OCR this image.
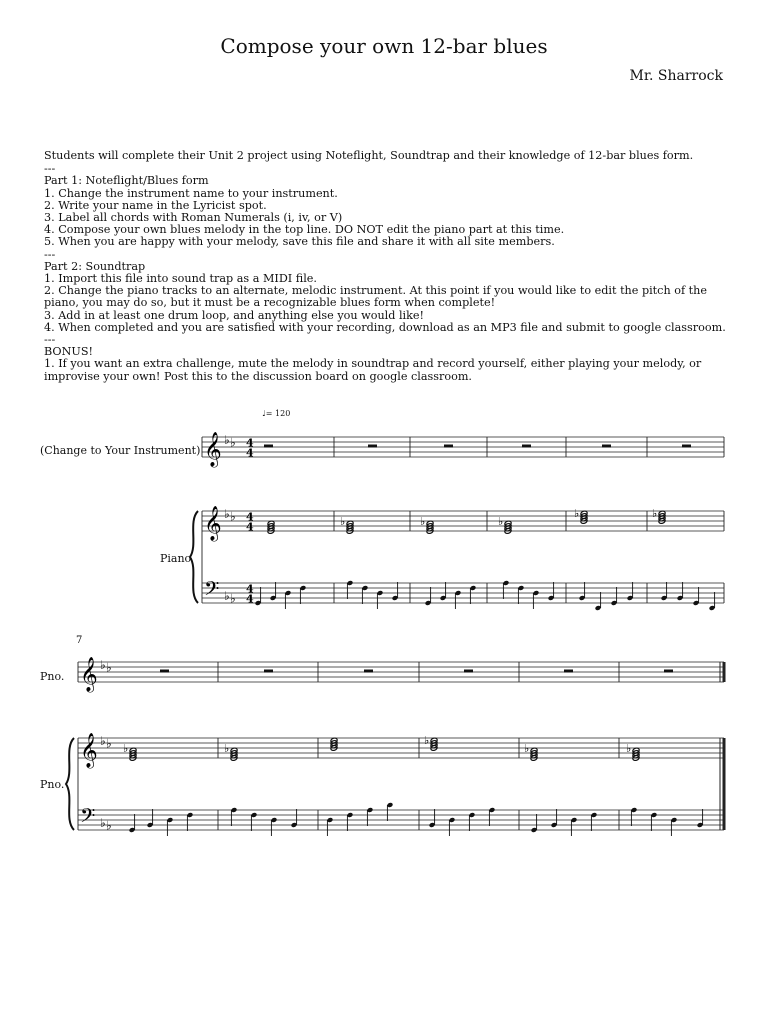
Compose your own 12-bar blues
Mr. Sharrock
Students will complete their Unit 2 project using Noteflight, Soundtrap and their knowledge of 12-bar blues form.
---
Part 1: Noteflight/Blues form
1. Change the instrument name to your instrument.
2. Write your name in the Lyricist spot.
3. Label all chords with Roman Numerals (i, iv, or V)
4. Compose your own blues melody in the top line. DO NOT edit the piano part at this time.
5. When you are happy with your melody, save this file and share it with all site members.
---
Part 2: Soundtrap
1. Import this file into sound trap as a MIDI file.
2. Change the piano tracks to an alternate, melodic instrument. At this point if you would like to edit the pitch of the piano, you may do so, but it must be a recognizable blues form when complete!
3. Add in at least one drum loop, and anything else you would like!
4. When completed and you are satisfied with your recording, download as an MP3 file and submit to google classroom.
---
BONUS!
1. If you want an extra challenge, mute the melody in soundtrap and record yourself, either playing your melody, or improvise your own! Post this to the discussion board on google classroom.
(Change to Your Instrument)
Piano
7
Pno.
Pno.
♩= 120
𝄞 ♭ ♭ 4
4
𝄞 ♭ ♭ 4
4
𝄢 ♭ ♭
4
4
𝄞 ♭ ♭
𝄞 ♭ ♭
𝄢 ♭ ♭
♭	♭	♭
♭	♭
♭	♭
♭
♭	♭
